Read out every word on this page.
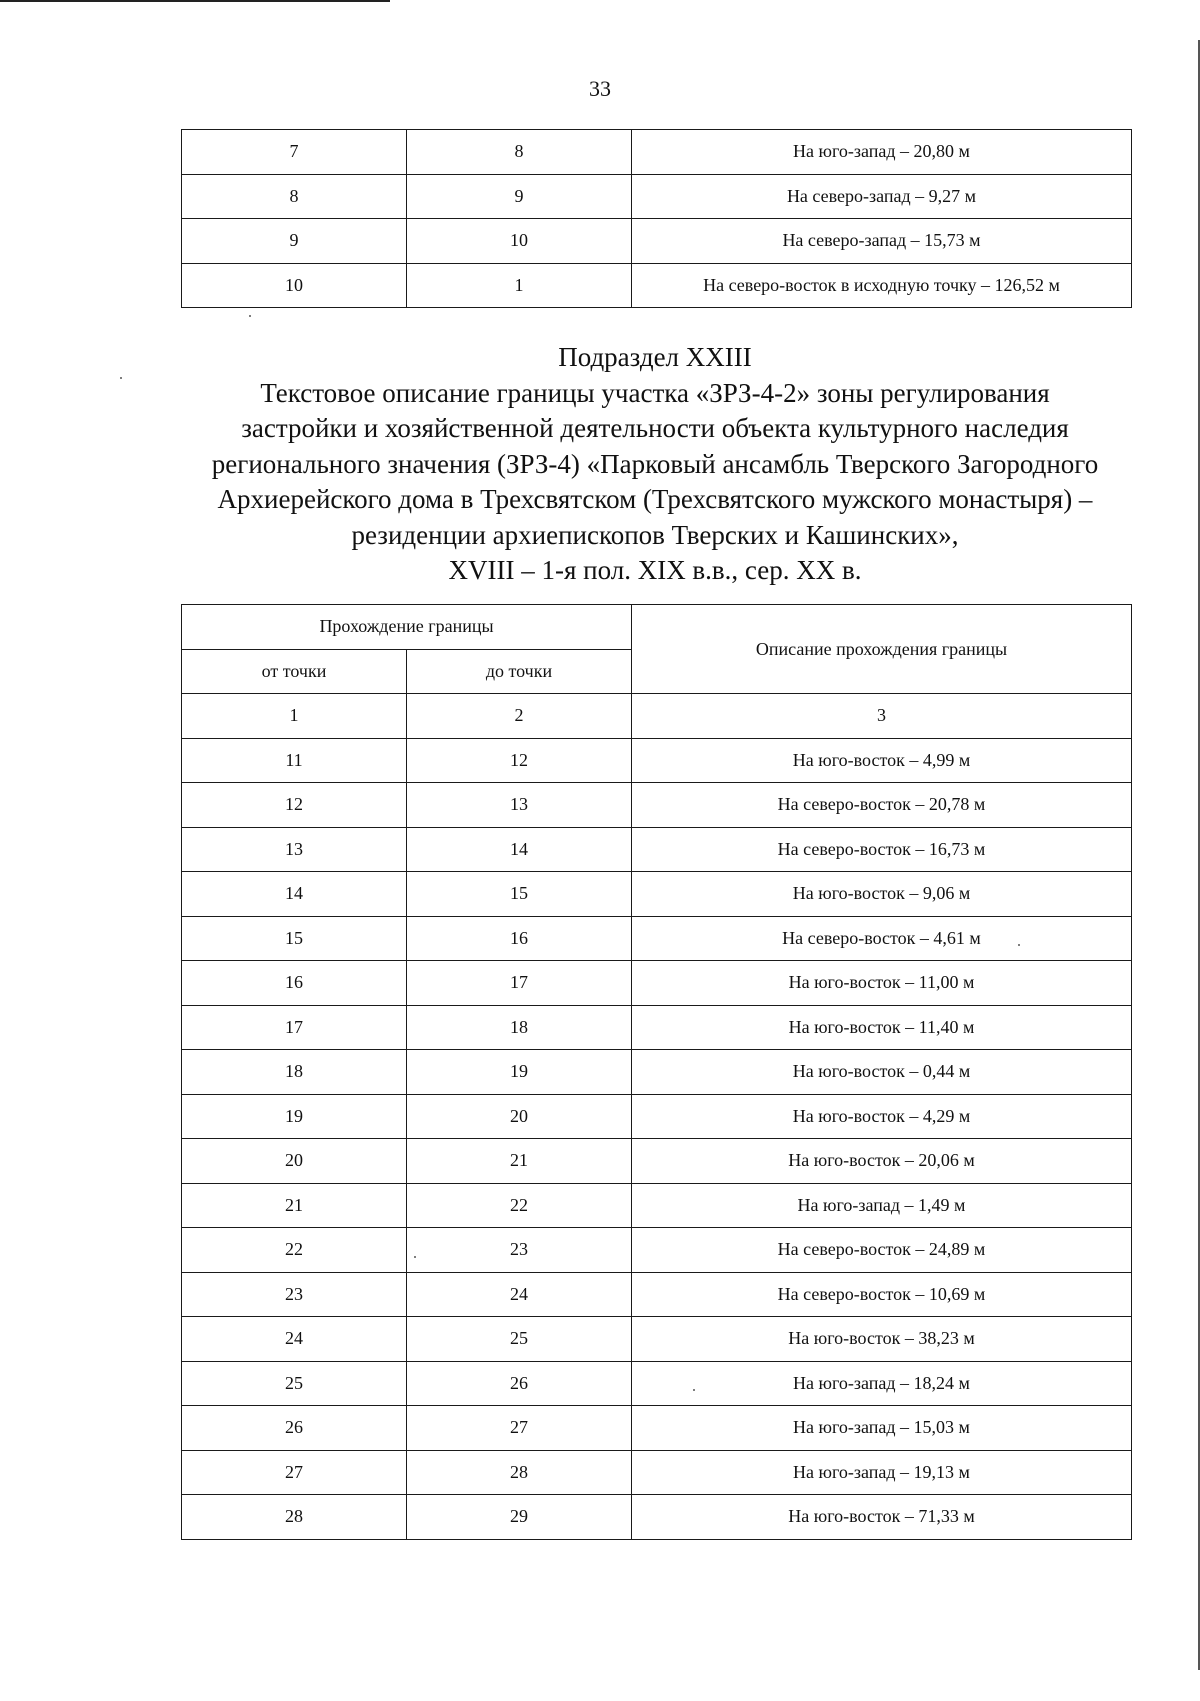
33
7	8	На юго-запад – 20,80 м
8	9	На северо-запад – 9,27 м
9	10	На северо-запад – 15,73 м
10	1	На северо-восток в исходную точку – 126,52 м
Подраздел XXIII
Текстовое описание границы участка «ЗРЗ-4-2» зоны регулирования
застройки и хозяйственной деятельности объекта культурного наследия
регионального значения (ЗРЗ-4) «Парковый ансамбль Тверского Загородного
Архиерейского дома в Трехсвятском (Трехсвятского мужского монастыря) –
резиденции архиепископов Тверских и Кашинских»,
XVIII – 1-я пол. XIX в.в., сер. XX в.
Прохождение границы		Описание прохождения границы
от точки	до точки	
1	2	3
11	12	На юго-восток – 4,99 м
12	13	На северо-восток – 20,78 м
13	14	На северо-восток – 16,73 м
14	15	На юго-восток – 9,06 м
15	16	На северо-восток – 4,61 м
16	17	На юго-восток – 11,00 м
17	18	На юго-восток – 11,40 м
18	19	На юго-восток – 0,44 м
19	20	На юго-восток – 4,29 м
20	21	На юго-восток – 20,06 м
21	22	На юго-запад – 1,49 м
22	23	На северо-восток – 24,89 м
23	24	На северо-восток – 10,69 м
24	25	На юго-восток – 38,23 м
25	26	На юго-запад – 18,24 м
26	27	На юго-запад – 15,03 м
27	28	На юго-запад – 19,13 м
28	29	На юго-восток – 71,33 м
